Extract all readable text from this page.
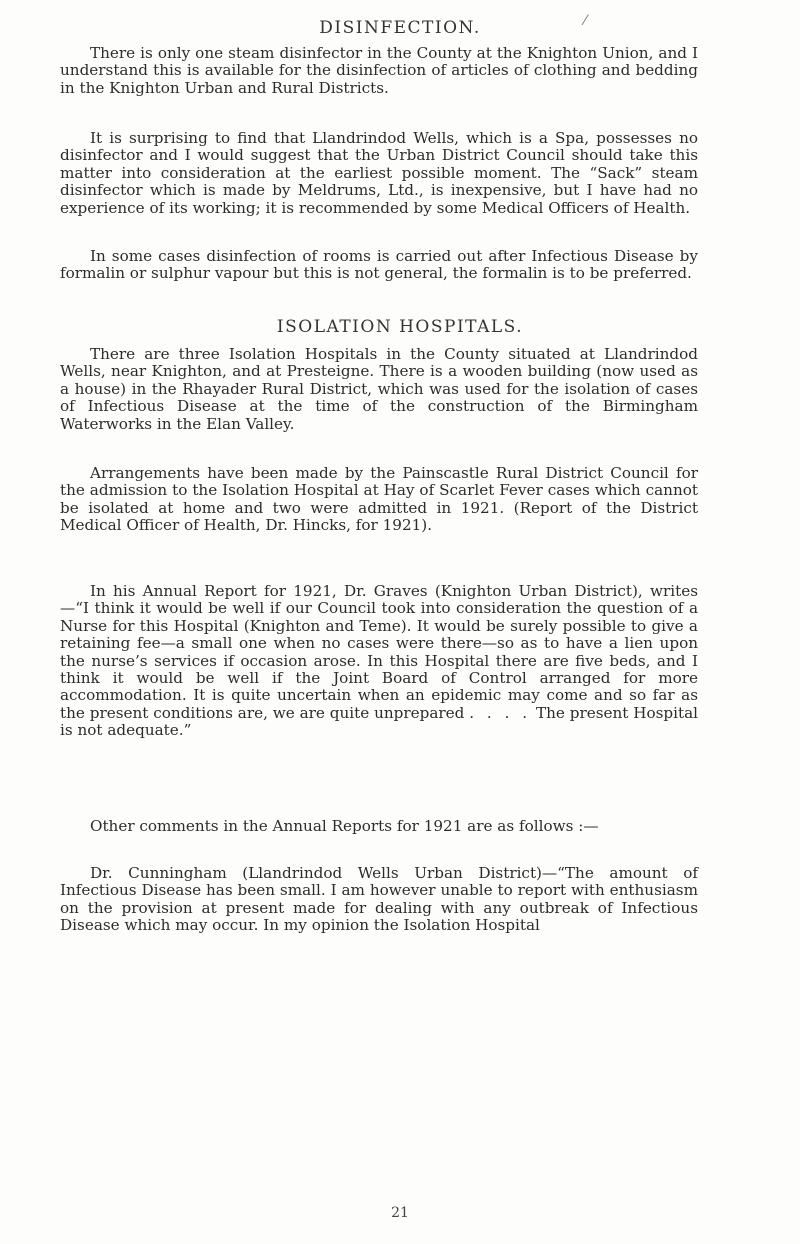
⁄
DISINFECTION.

There is only one steam disinfector in the County at the Knighton Union, and I understand this is available for the disinfection of articles of clothing and bedding in the Knighton Urban and Rural Districts.

It is surprising to find that Llandrindod Wells, which is a Spa, possesses no disinfector and I would suggest that the Urban District Council should take this matter into consideration at the earliest possible moment. The “Sack” steam disinfector which is made by Meldrums, Ltd., is inexpensive, but I have had no experience of its working; it is recommended by some Medical Officers of Health.

In some cases disinfection of rooms is carried out after Infectious Disease by formalin or sulphur vapour but this is not general, the formalin is to be preferred.

ISOLATION HOSPITALS.

There are three Isolation Hospitals in the County situated at Llandrindod Wells, near Knighton, and at Presteigne. There is a wooden building (now used as a house) in the Rhayader Rural District, which was used for the isolation of cases of Infectious Disease at the time of the construction of the Birmingham Waterworks in the Elan Valley.

Arrangements have been made by the Painscastle Rural District Council for the admission to the Isolation Hospital at Hay of Scarlet Fever cases which cannot be isolated at home and two were admitted in 1921. (Report of the District Medical Officer of Health, Dr. Hincks, for 1921).

In his Annual Report for 1921, Dr. Graves (Knighton Urban District), writes—“I think it would be well if our Council took into consideration the question of a Nurse for this Hospital (Knighton and Teme). It would be surely possible to give a retaining fee—a small one when no cases were there—so as to have a lien upon the nurse’s services if occasion arose. In this Hospital there are five beds, and I think it would be well if the Joint Board of Control arranged for more accommodation. It is quite uncertain when an epidemic may come and so far as the present conditions are, we are quite unprepared . . . . The present Hospital is not adequate.”

Other comments in the Annual Reports for 1921 are as follows :—

Dr. Cunningham (Llandrindod Wells Urban District)—“The amount of Infectious Disease has been small. I am however unable to report with enthusiasm on the provision at present made for dealing with any outbreak of Infectious Disease which may occur. In my opinion the Isolation Hospital

21
